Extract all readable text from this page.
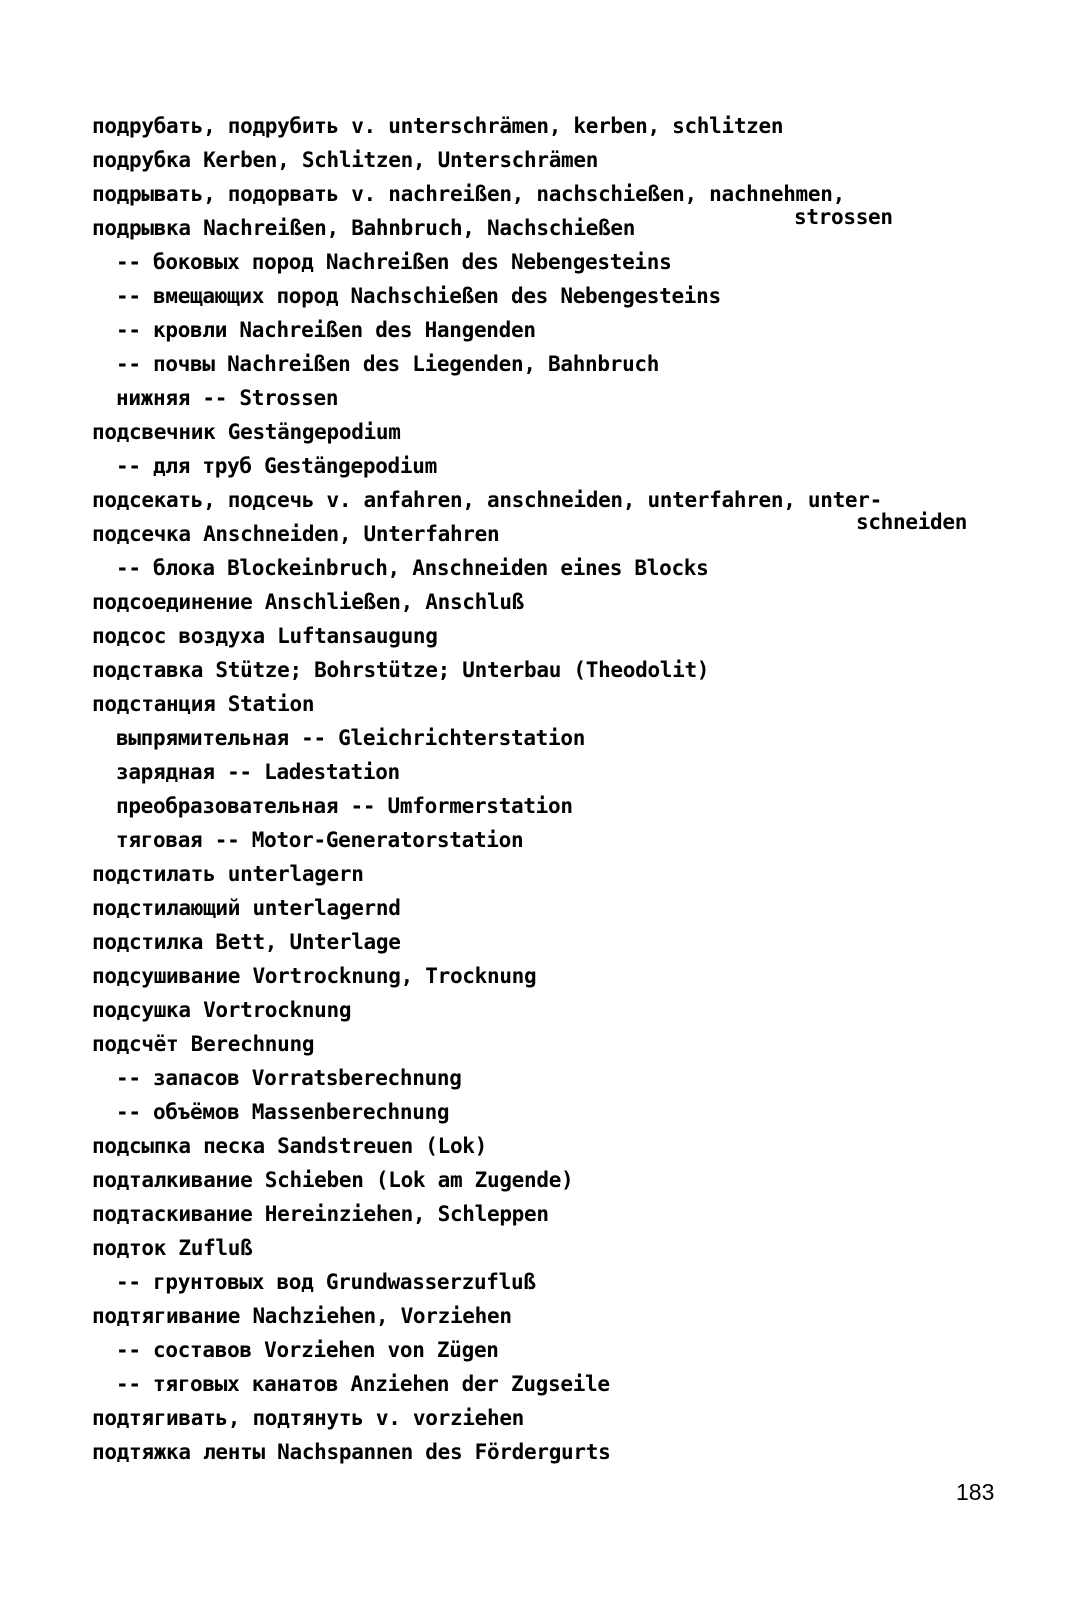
подрубать, подрубить v. unterschrämen, kerben, schlitzen
подрубка Kerben, Schlitzen, Unterschrämen
подрывать, подорвать v. nachreißen, nachschießen, nachnehmen,
strossen
подрывка Nachreißen, Bahnbruch, Nachschießen
-- боковых пород Nachreißen des Nebengesteins
-- вмещающих пород Nachschießen des Nebengesteins
-- кровли Nachreißen des Hangenden
-- почвы Nachreißen des Liegenden, Bahnbruch
нижняя -- Strossen
подсвечник Gestängepodium
-- для труб Gestängepodium
подсекать, подсечь v. anfahren, anschneiden, unterfahren, unter-
подсечка Anschneiden, Unterfahren	schneiden
-- блока Blockeinbruch, Anschneiden eines Blocks
подсоединение Anschließen, Anschluß
подсос воздуха Luftansaugung
подставка Stütze; Bohrstütze; Unterbau (Theodolit)
подстанция Station
выпрямительная -- Gleichrichterstation
зарядная -- Ladestation
преобразовательная -- Umformerstation
тяговая -- Motor-Generatorstation
подстилать unterlagern
подстилающий unterlagernd
подстилка Bett, Unterlage
подсушивание Vortrocknung, Trocknung
подсушка Vortrocknung
подсчёт Berechnung
-- запасов Vorratsberechnung
-- объёмов Massenberechnung
подсыпка песка Sandstreuen (Lok)
подталкивание Schieben (Lok am Zugende)
подтаскивание Hereinziehen, Schleppen
подток Zufluß
-- грунтовых вод Grundwasserzufluß
подтягивание Nachziehen, Vorziehen
-- составов Vorziehen von Zügen
-- тяговых канатов Anziehen der Zugseile
подтягивать, подтянуть v. vorziehen
подтяжка ленты Nachspannen des Fördergurts
183
